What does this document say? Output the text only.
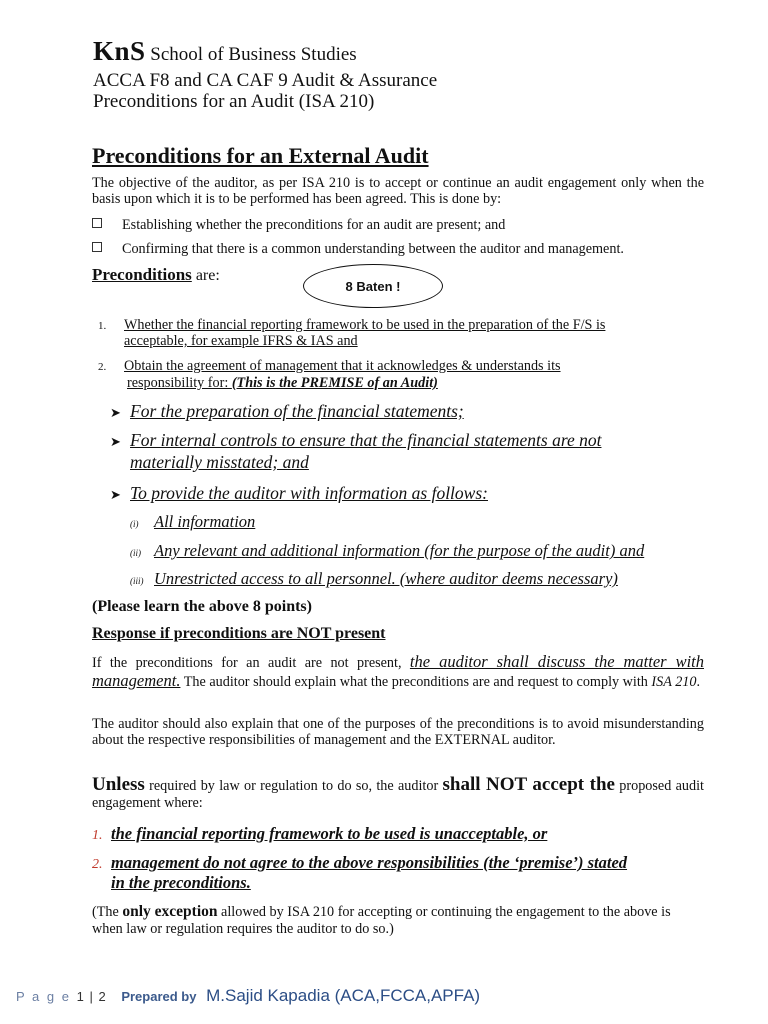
KnS School of Business Studies
ACCA F8 and CA CAF 9 Audit & Assurance
Preconditions for an Audit (ISA 210)
Preconditions for an External Audit
The objective of the auditor, as per ISA 210 is to accept or continue an audit engagement only when the basis upon which it is to be performed has been agreed. This is done by:
Establishing whether the preconditions for an audit are present; and
Confirming that there is a common understanding between the auditor and management.
Preconditions are:
8 Baten !
1. Whether the financial reporting framework to be used in the preparation of the F/S is
acceptable, for example IFRS & IAS and
2. Obtain the agreement of management that it acknowledges & understands its
responsibility for: (This is the PREMISE of an Audit)
➤ For the preparation of the financial statements;
➤ For internal controls to ensure that the financial statements are not
materially misstated; and
➤ To provide the auditor with information as follows:
(i) All information
(ii) Any relevant and additional information (for the purpose of the audit) and
(iii) Unrestricted access to all personnel. (where auditor deems necessary)
(Please learn the above 8 points)
Response if preconditions are NOT present
If the preconditions for an audit are not present, the auditor shall discuss the matter with management. The auditor should explain what the preconditions are and request to comply with ISA 210.
The auditor should also explain that one of the purposes of the preconditions is to avoid misunderstanding about the respective responsibilities of management and the EXTERNAL auditor.
Unless required by law or regulation to do so, the auditor shall NOT accept the proposed audit engagement where:
1. the financial reporting framework to be used is unacceptable, or
2. management do not agree to the above responsibilities (the ‘premise’) stated
in the preconditions.
(The only exception allowed by ISA 210 for accepting or continuing the engagement to the above is when law or regulation requires the auditor to do so.)
P a g e 1 | 2 Prepared by M.Sajid Kapadia (ACA,FCCA,APFA)
